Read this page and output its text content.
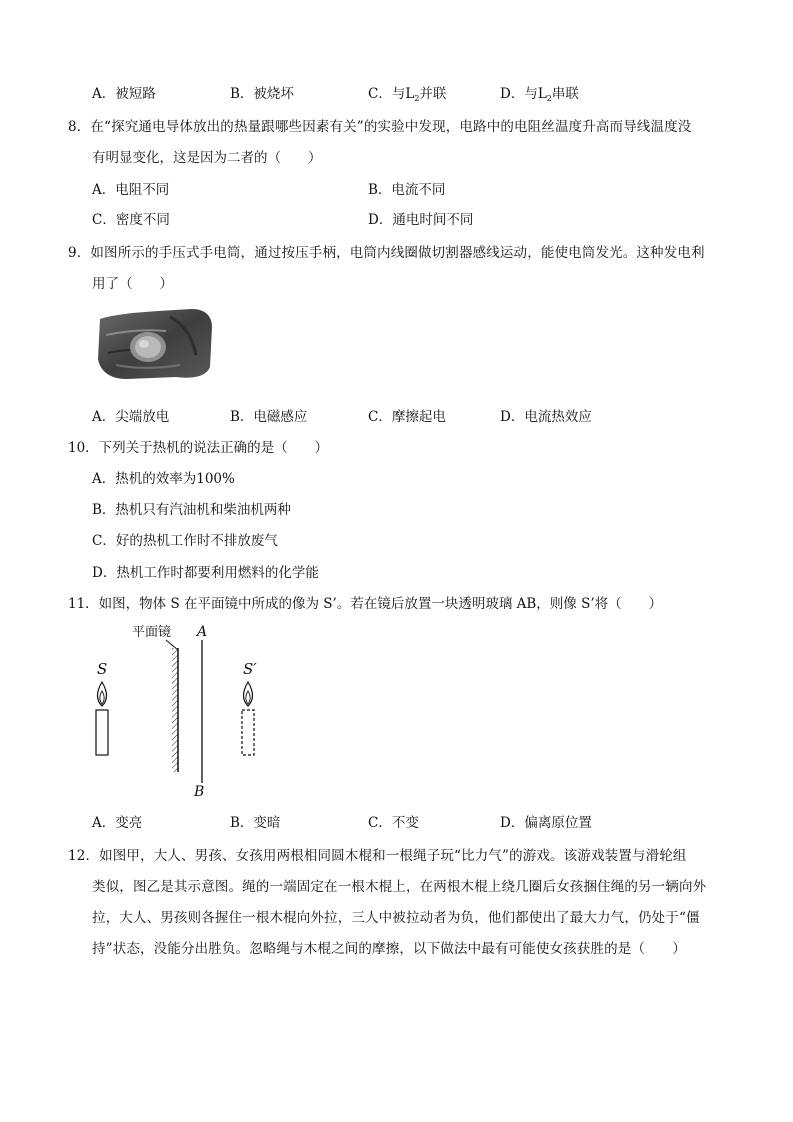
A．被短路	B．被烧坏	C．与$L_2$并联	D．与$L_2$串联
8．在“探究通电导体放出的热量跟哪些因素有关”的实验中发现，电路中的电阻丝温度升高而导线温度没
有明显变化，这是因为二者的（　　）
A．电阻不同	B．电流不同
C．密度不同	D．通电时间不同
9．如图所示的手压式手电筒，通过按压手柄，电筒内线圈做切割器感线运动，能使电筒发光。这种发电利
用了（　　）
A．尖端放电	B．电磁感应	C．摩擦起电	D．电流热效应
10．下列关于热机的说法正确的是（　　）
A．热机的效率为100%
B．热机只有汽油机和柴油机两种
C．好的热机工作时不排放废气
D．热机工作时都要利用燃料的化学能
11．如图，物体 S 在平面镜中所成的像为 S’。若在镜后放置一块透明玻璃 AB，则像 S’将（　　）
平面镜 A
B
S	S′
A．变亮	B．变暗	C．不变	D．偏离原位置
12．如图甲，大人、男孩、女孩用两根相同圆木棍和一根绳子玩“比力气”的游戏。该游戏装置与滑轮组
类似，图乙是其示意图。绳的一端固定在一根木棍上，在两根木棍上绕几圈后女孩捆住绳的另一辆向外
拉，大人、男孩则各握住一根木棍向外拉，三人中被拉动者为负，他们都使出了最大力气，仍处于“僵
持”状态，没能分出胜负。忽略绳与木棍之间的摩擦，以下做法中最有可能使女孩获胜的是（　　）
